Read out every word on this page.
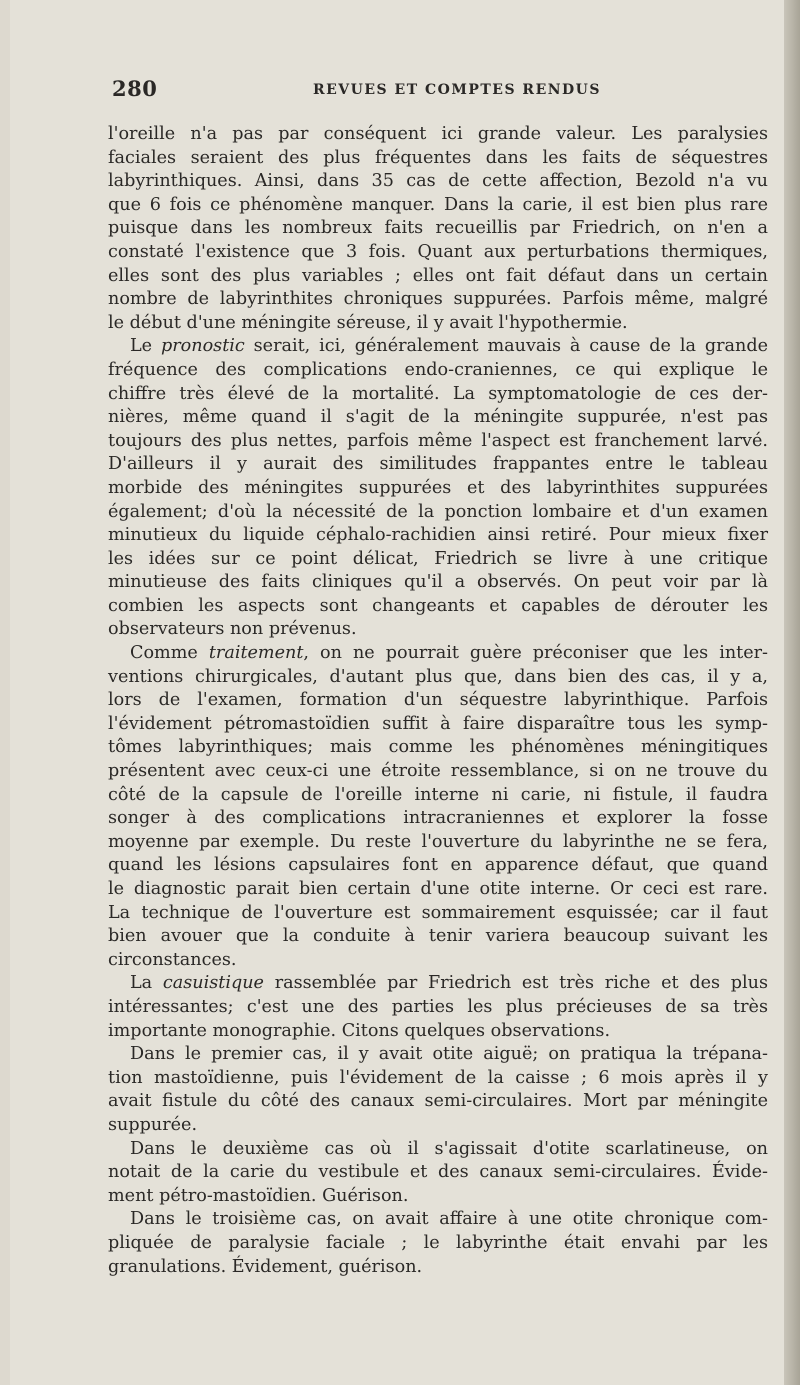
280	REVUES ET COMPTES RENDUS
l'oreille n'a pas par conséquent ici grande valeur. Les paralysies
faciales seraient des plus fréquentes dans les faits de séquestres
labyrinthiques. Ainsi, dans 35 cas de cette affection, Bezold n'a vu
que 6 fois ce phénomène manquer. Dans la carie, il est bien plus rare
puisque dans les nombreux faits recueillis par Friedrich, on n'en a
constaté l'existence que 3 fois. Quant aux perturbations thermiques,
elles sont des plus variables ; elles ont fait défaut dans un certain
nombre de labyrinthites chroniques suppurées. Parfois même, malgré
le début d'une méningite séreuse, il y avait l'hypothermie.
Le pronostic serait, ici, généralement mauvais à cause de la grande
fréquence des complications endo-craniennes, ce qui explique le
chiffre très élevé de la mortalité. La symptomatologie de ces der-
nières, même quand il s'agit de la méningite suppurée, n'est pas
toujours des plus nettes, parfois même l'aspect est franchement larvé.
D'ailleurs il y aurait des similitudes frappantes entre le tableau
morbide des méningites suppurées et des labyrinthites suppurées
également; d'où la nécessité de la ponction lombaire et d'un examen
minutieux du liquide céphalo-rachidien ainsi retiré. Pour mieux fixer
les idées sur ce point délicat, Friedrich se livre à une critique
minutieuse des faits cliniques qu'il a observés. On peut voir par là
combien les aspects sont changeants et capables de dérouter les
observateurs non prévenus.
Comme traitement, on ne pourrait guère préconiser que les inter-
ventions chirurgicales, d'autant plus que, dans bien des cas, il y a,
lors de l'examen, formation d'un séquestre labyrinthique. Parfois
l'évidement pétromastoïdien suffit à faire disparaître tous les symp-
tômes labyrinthiques; mais comme les phénomènes méningitiques
présentent avec ceux-ci une étroite ressemblance, si on ne trouve du
côté de la capsule de l'oreille interne ni carie, ni fistule, il faudra
songer à des complications intracraniennes et explorer la fosse
moyenne par exemple. Du reste l'ouverture du labyrinthe ne se fera,
quand les lésions capsulaires font en apparence défaut, que quand
le diagnostic parait bien certain d'une otite interne. Or ceci est rare.
La technique de l'ouverture est sommairement esquissée; car il faut
bien avouer que la conduite à tenir variera beaucoup suivant les
circonstances.
La casuistique rassemblée par Friedrich est très riche et des plus
intéressantes; c'est une des parties les plus précieuses de sa très
importante monographie. Citons quelques observations.
Dans le premier cas, il y avait otite aiguë; on pratiqua la trépana-
tion mastoïdienne, puis l'évidement de la caisse ; 6 mois après il y
avait fistule du côté des canaux semi-circulaires. Mort par méningite
suppurée.
Dans le deuxième cas où il s'agissait d'otite scarlatineuse, on
notait de la carie du vestibule et des canaux semi-circulaires. Évide-
ment pétro-mastoïdien. Guérison.
Dans le troisième cas, on avait affaire à une otite chronique com-
pliquée de paralysie faciale ; le labyrinthe était envahi par les
granulations. Évidement, guérison.
